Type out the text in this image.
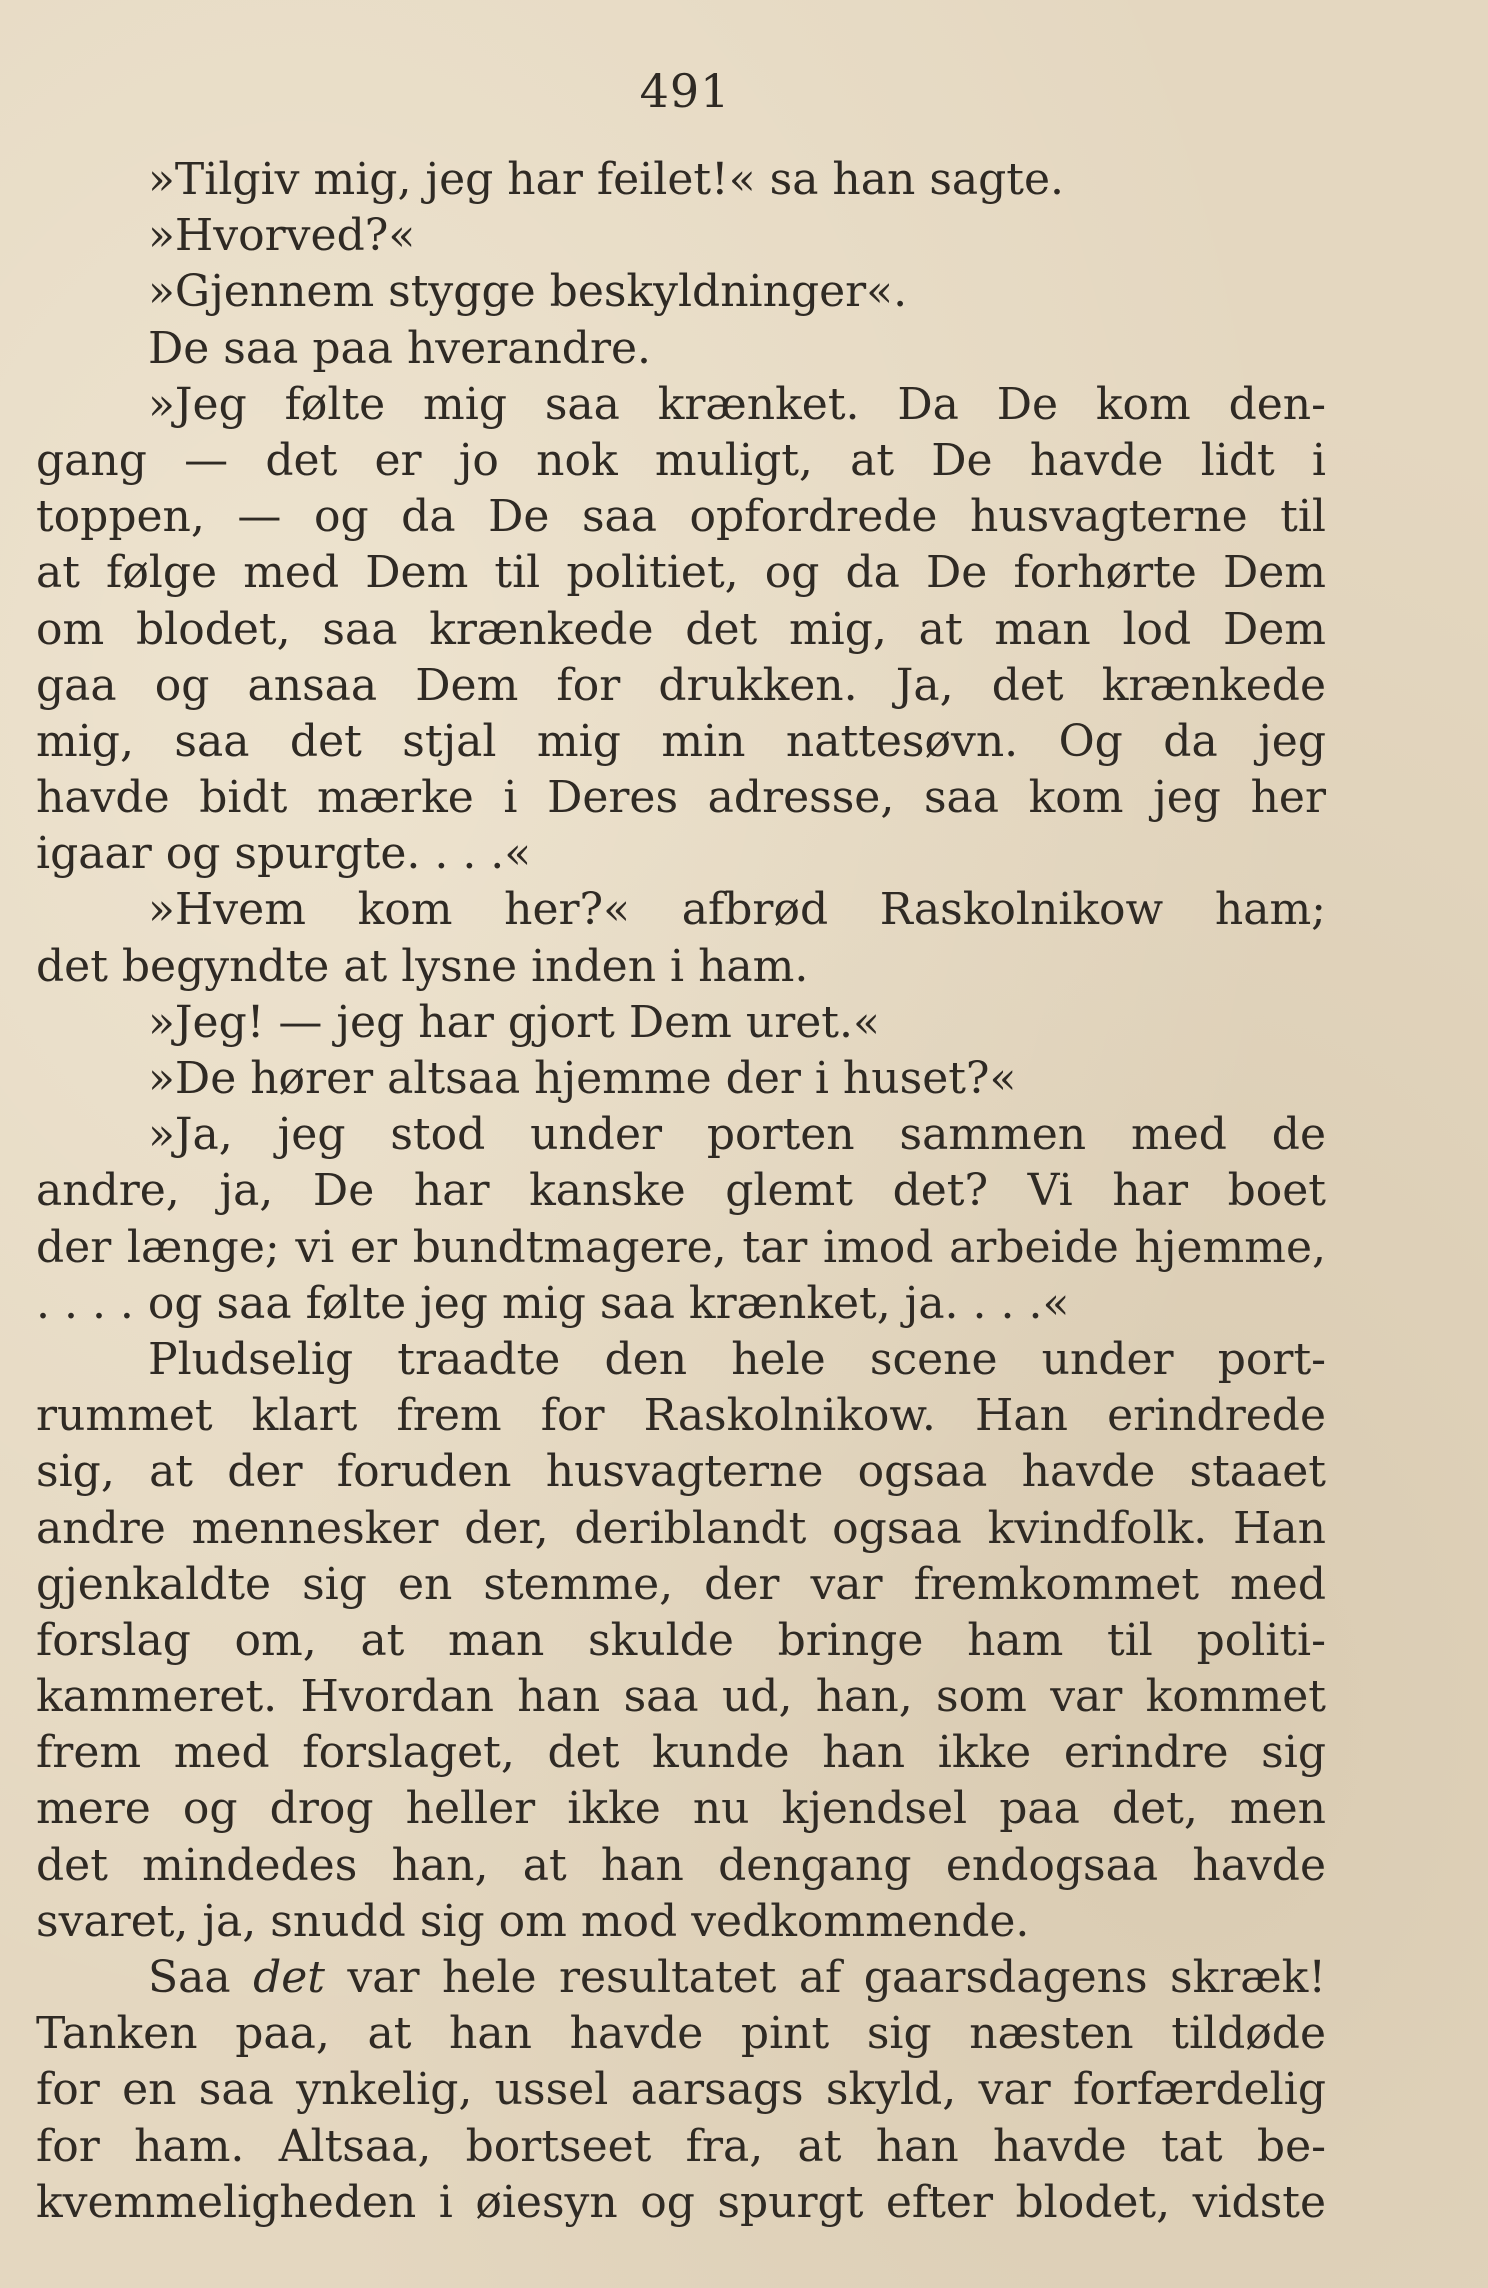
491
»Tilgiv mig, jeg har feilet!« sa han sagte.
»Hvorved?«
»Gjennem stygge beskyldninger«.
De saa paa hverandre.
»Jeg følte mig saa krænket. Da De kom den-
gang — det er jo nok muligt, at De havde lidt i
toppen, — og da De saa opfordrede husvagterne til
at følge med Dem til politiet, og da De forhørte Dem
om blodet, saa krænkede det mig, at man lod Dem
gaa og ansaa Dem for drukken. Ja, det krænkede
mig, saa det stjal mig min nattesøvn. Og da jeg
havde bidt mærke i Deres adresse, saa kom jeg her
igaar og spurgte. . . .«
»Hvem kom her?« afbrød Raskolnikow ham;
det begyndte at lysne inden i ham.
»Jeg! — jeg har gjort Dem uret.«
»De hører altsaa hjemme der i huset?«
»Ja, jeg stod under porten sammen med de
andre, ja, De har kanske glemt det? Vi har boet
der længe; vi er bundtmagere, tar imod arbeide hjemme,
. . . . og saa følte jeg mig saa krænket, ja. . . .«
Pludselig traadte den hele scene under port-
rummet klart frem for Raskolnikow. Han erindrede
sig, at der foruden husvagterne ogsaa havde staaet
andre mennesker der, deriblandt ogsaa kvindfolk. Han
gjenkaldte sig en stemme, der var fremkommet med
forslag om, at man skulde bringe ham til politi-
kammeret. Hvordan han saa ud, han, som var kommet
frem med forslaget, det kunde han ikke erindre sig
mere og drog heller ikke nu kjendsel paa det, men
det mindedes han, at han dengang endogsaa havde
svaret, ja, snudd sig om mod vedkommende.
Saa det var hele resultatet af gaarsdagens skræk!
Tanken paa, at han havde pint sig næsten tildøde
for en saa ynkelig, ussel aarsags skyld, var forfærdelig
for ham. Altsaa, bortseet fra, at han havde tat be-
kvemmeligheden i øiesyn og spurgt efter blodet, vidste
